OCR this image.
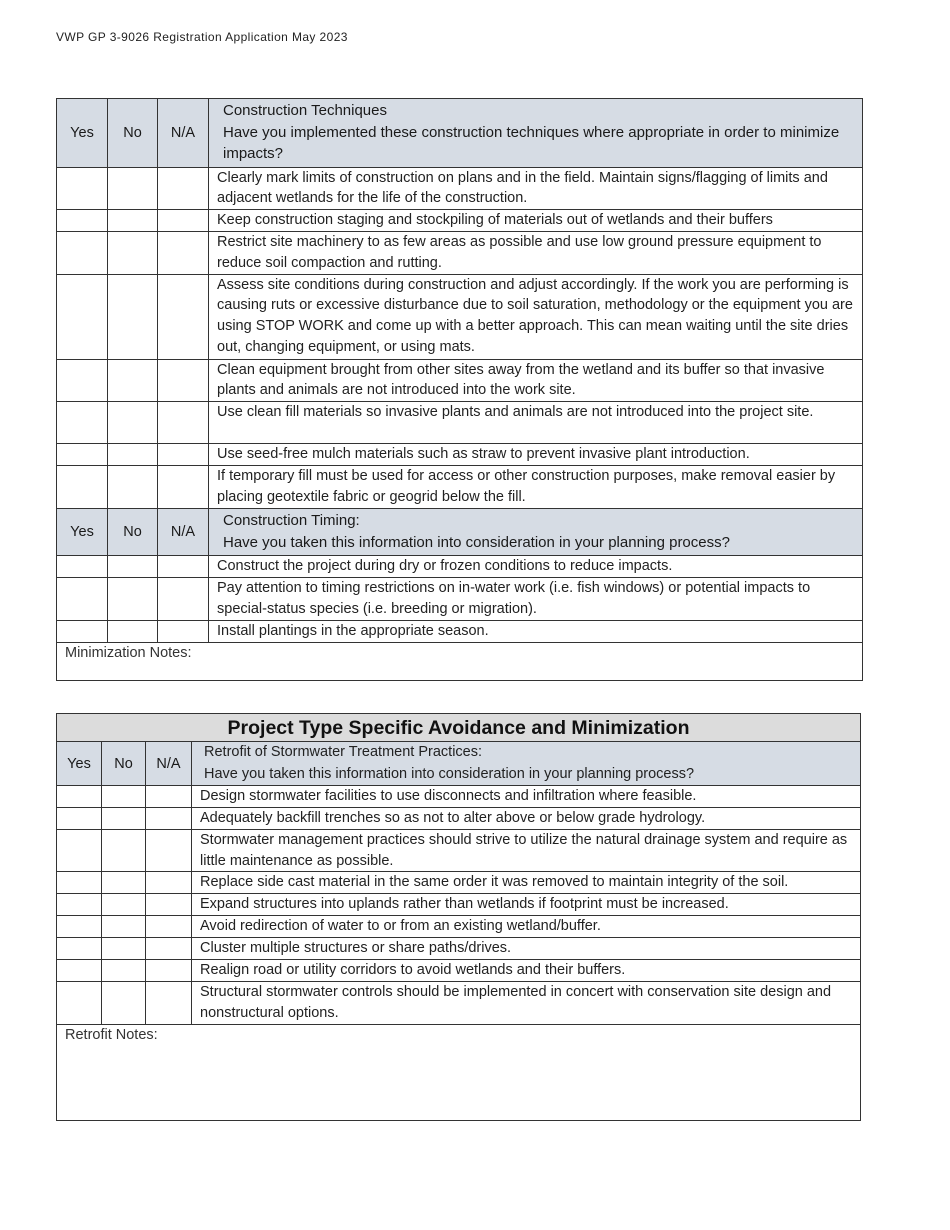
VWP GP 3-9026 Registration Application May 2023
Yes	No	N/A	Construction Techniques
Have you implemented these construction techniques where appropriate in order to minimize impacts?

			Clearly mark limits of construction on plans and in the field. Maintain signs/flagging of limits and adjacent wetlands for the life of the construction.
			Keep construction staging and stockpiling of materials out of wetlands and their buffers
			Restrict site machinery to as few areas as possible and use low ground pressure equipment to reduce soil compaction and rutting.
			Assess site conditions during construction and adjust accordingly. If the work you are performing is causing ruts or excessive disturbance due to soil saturation, methodology or the equipment you are using STOP WORK and come up with a better approach. This can mean waiting until the site dries out, changing equipment, or using mats.
			Clean equipment brought from other sites away from the wetland and its buffer so that invasive plants and animals are not introduced into the work site.
			Use clean fill materials so invasive plants and animals are not introduced into the project site.
			Use seed-free mulch materials such as straw to prevent invasive plant introduction.
			If temporary fill must be used for access or other construction purposes, make removal easier by placing geotextile fabric or geogrid below the fill.
Yes	No	N/A	Construction Timing:
Have you taken this information into consideration in your planning process?

			Construct the project during dry or frozen conditions to reduce impacts.
			Pay attention to timing restrictions on in-water work (i.e. fish windows) or potential impacts to special-status species (i.e. breeding or migration).
			Install plantings in the appropriate season.
Minimization Notes:			
Project Type Specific Avoidance and Minimization			
Yes	No	N/A	Retrofit of Stormwater Treatment Practices:
Have you taken this information into consideration in your planning process?

			Design stormwater facilities to use disconnects and infiltration where feasible.
			Adequately backfill trenches so as not to alter above or below grade hydrology.
			Stormwater management practices should strive to utilize the natural drainage system and require as little maintenance as possible.
			Replace side cast material in the same order it was removed to maintain integrity of the soil.
			Expand structures into uplands rather than wetlands if footprint must be increased.
			Avoid redirection of water to or from an existing wetland/buffer.
			Cluster multiple structures or share paths/drives.
			Realign road or utility corridors to avoid wetlands and their buffers.
			Structural stormwater controls should be implemented in concert with conservation site design and nonstructural options.
Retrofit Notes:			
